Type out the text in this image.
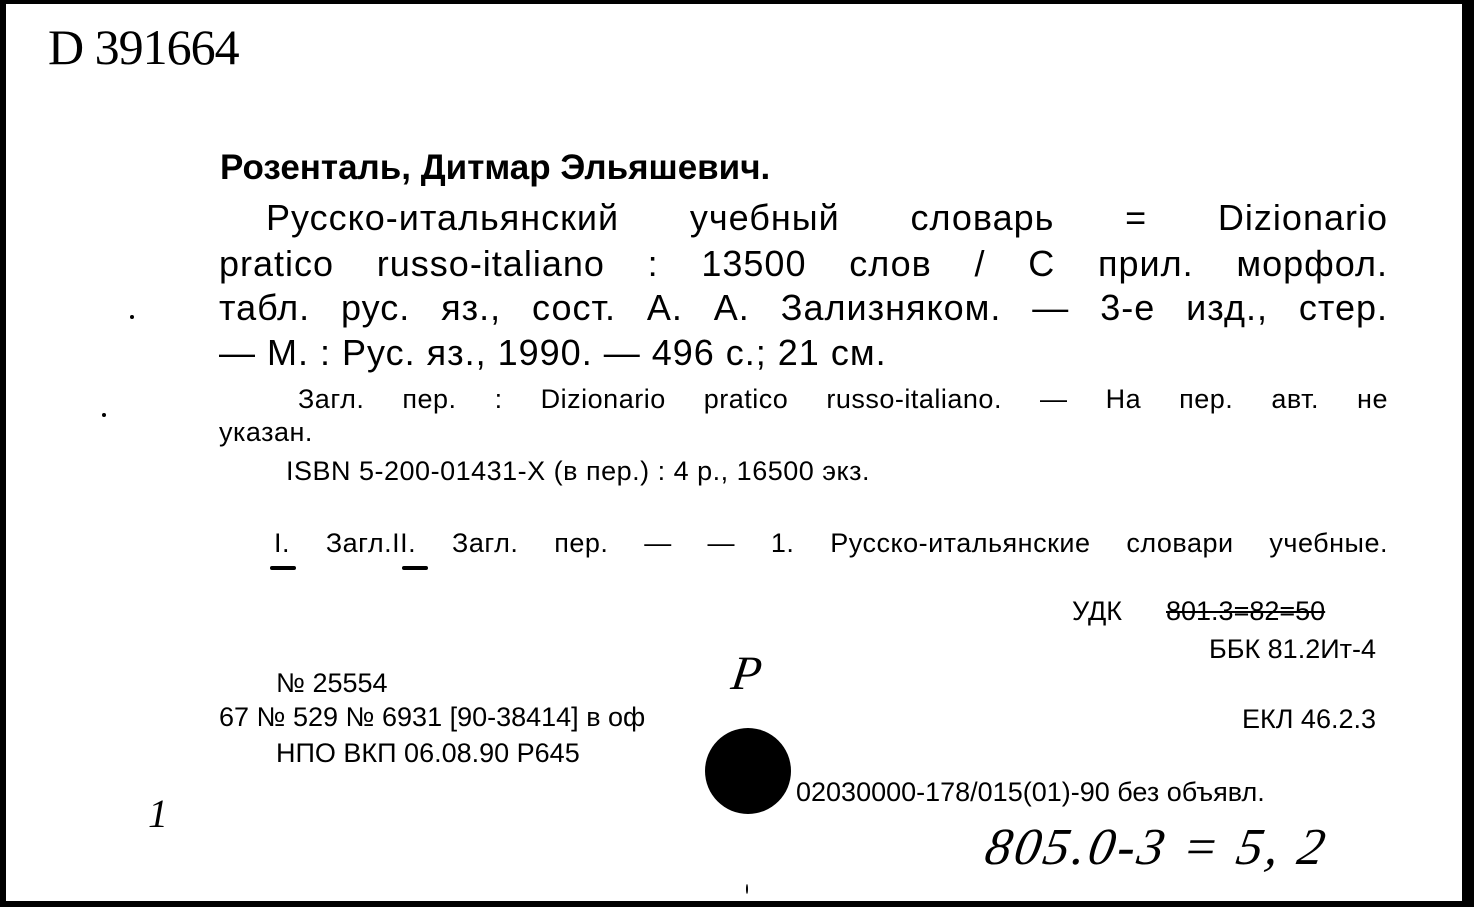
D 391664
Розенталь, Дитмар Эльяшевич.
Русско-итальянский учебный словарь = Dizionario
pratico russo-italiano : 13500 слов / С прил. морфол.
табл. рус. яз., сост. А. А. Зализняком. — 3-е изд., стер.
— М. : Рус. яз., 1990. — 496 с.; 21 см.
Загл. пер. : Dizionario pratico russo-italiano. — На пер. авт. не
указан.
ISBN 5-200-01431-X (в пер.) : 4 р., 16500 экз.
I. Загл.II. Загл. пер. — — 1. Русско-итальянские словари учебные.
УДК 801.3=82=50
ББК 81.2Ит-4
ЕКЛ 46.2.3
№ 25554
67 № 529 № 6931 [90-38414] в оф
НПО ВКП 06.08.90 Р645
02030000-178/015(01)-90 без объявл.
P
805.0-3 = 5, 2
1
